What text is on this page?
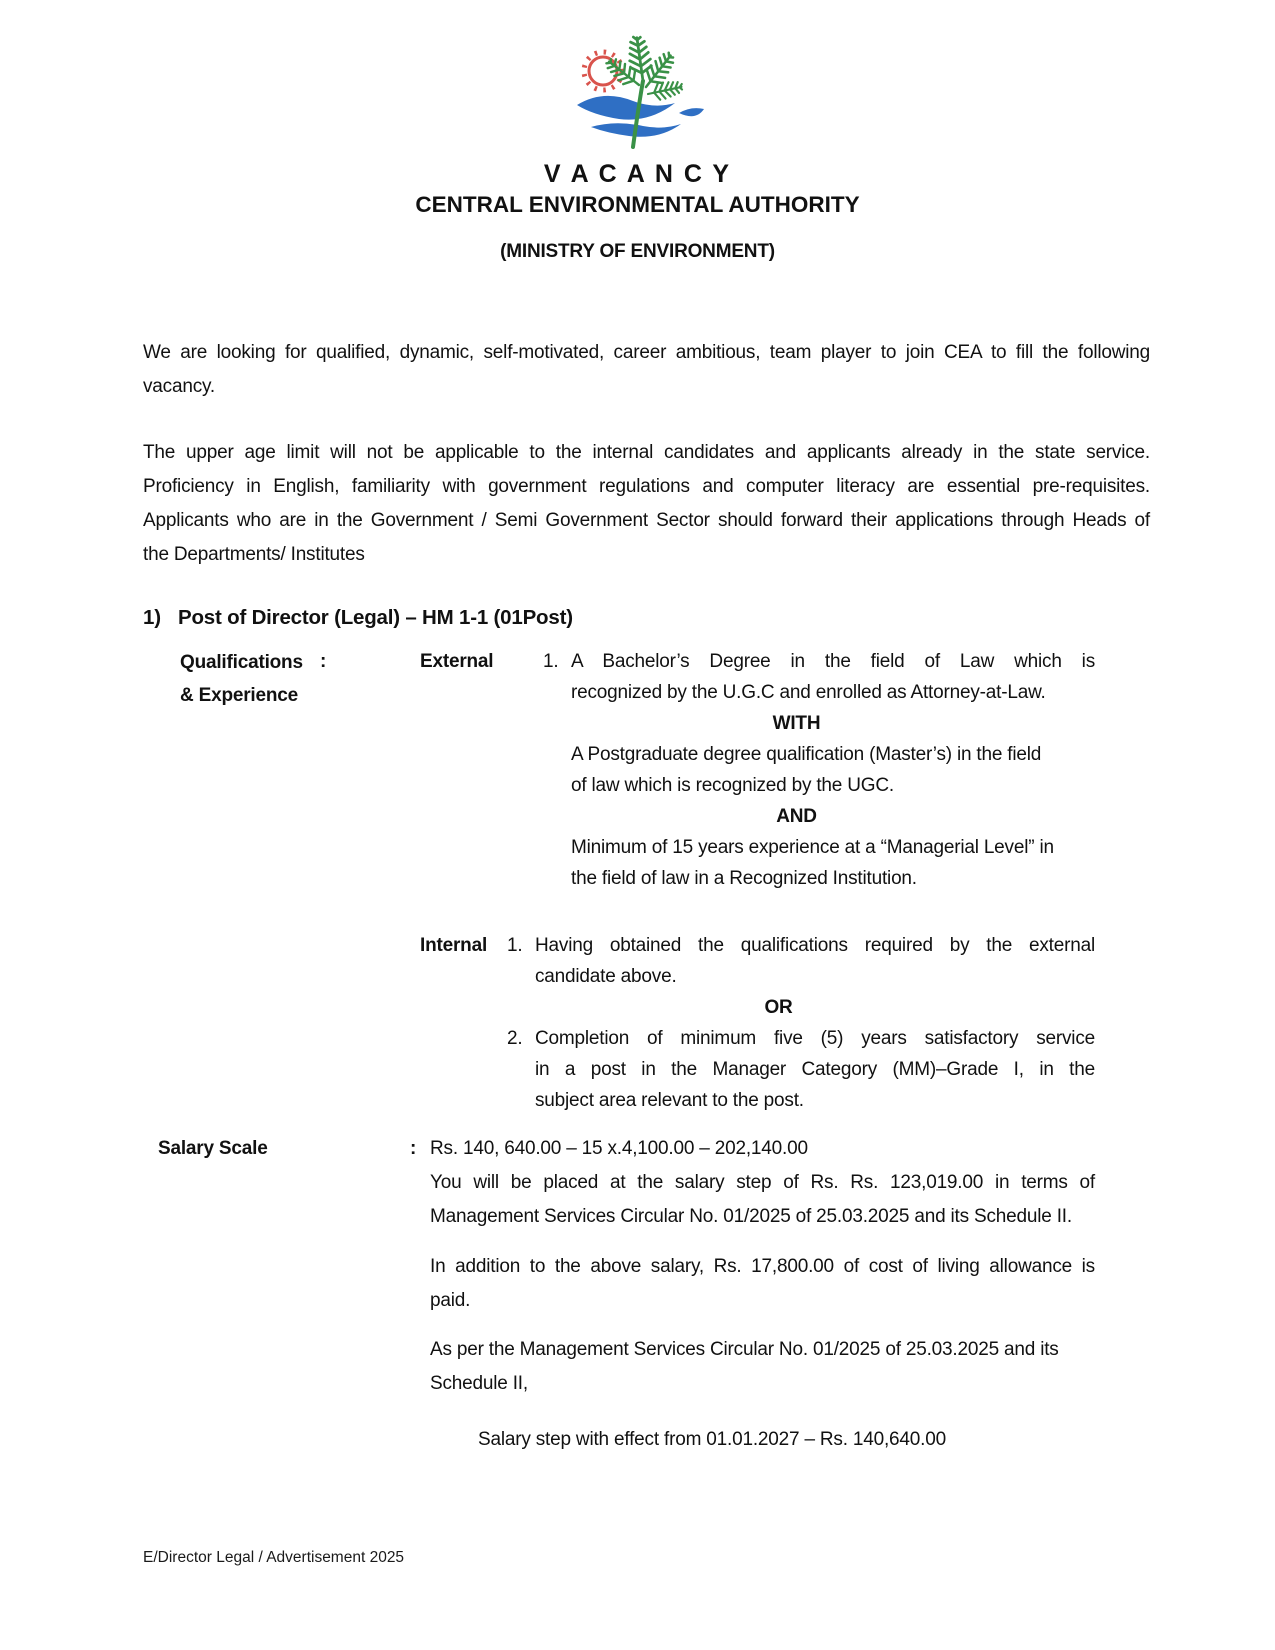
V A C A N C Y
CENTRAL ENVIRONMENTAL AUTHORITY
(MINISTRY OF ENVIRONMENT)
We are looking for qualified, dynamic, self-motivated, career ambitious, team player to join CEA to fill the following
vacancy.
The upper age limit will not be applicable to the internal candidates and applicants already in the state service.
Proficiency in English, familiarity with government regulations and computer literacy are essential pre-requisites.
Applicants who are in the Government / Semi Government Sector should forward their applications through Heads of
the Departments/ Institutes
1) Post of Director (Legal) – HM 1-1 (01Post)
Qualifications
& Experience
:	External	1. A Bachelor’s Degree in the field of Law which is
recognized by the U.G.C and enrolled as Attorney-at-Law.
WITH
A Postgraduate degree qualification (Master’s) in the field
of law which is recognized by the UGC.
AND
Minimum of 15 years experience at a “Managerial Level” in
the field of law in a Recognized Institution.
Internal	1. Having obtained the qualifications required by the external
candidate above.
OR
2. Completion of minimum five (5) years satisfactory service
in a post in the Manager Category (MM)–Grade I, in the
subject area relevant to the post.
Salary Scale	: Rs. 140, 640.00 – 15 x.4,100.00 – 202,140.00
You will be placed at the salary step of Rs. Rs. 123,019.00 in terms of
Management Services Circular No. 01/2025 of 25.03.2025 and its Schedule II.
In addition to the above salary, Rs. 17,800.00 of cost of living allowance is
paid.
As per the Management Services Circular No. 01/2025 of 25.03.2025 and its
Schedule II,
Salary step with effect from 01.01.2027 – Rs. 140,640.00
E/Director Legal / Advertisement 2025
